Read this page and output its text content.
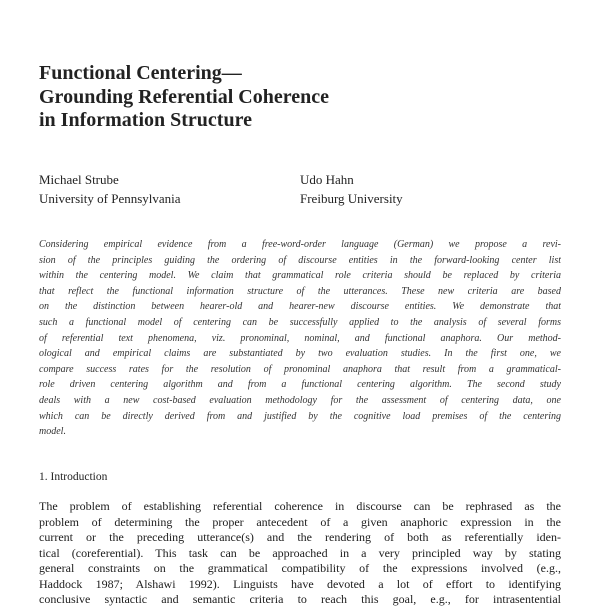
Functional Centering—
Grounding Referential Coherence
in Information Structure
Michael Strube
University of Pennsylvania
Udo Hahn
Freiburg University
Considering empirical evidence from a free-word-order language (German) we propose a revi-
sion of the principles guiding the ordering of discourse entities in the forward-looking center list
within the centering model. We claim that grammatical role criteria should be replaced by criteria
that reflect the functional information structure of the utterances. These new criteria are based
on the distinction between hearer-old and hearer-new discourse entities. We demonstrate that
such a functional model of centering can be successfully applied to the analysis of several forms
of referential text phenomena, viz. pronominal, nominal, and functional anaphora. Our method-
ological and empirical claims are substantiated by two evaluation studies. In the first one, we
compare success rates for the resolution of pronominal anaphora that result from a grammatical-
role driven centering algorithm and from a functional centering algorithm. The second study
deals with a new cost-based evaluation methodology for the assessment of centering data, one
which can be directly derived from and justified by the cognitive load premises of the centering
model.
1. Introduction
The problem of establishing referential coherence in discourse can be rephrased as the
problem of determining the proper antecedent of a given anaphoric expression in the
current or the preceding utterance(s) and the rendering of both as referentially iden-
tical (coreferential). This task can be approached in a very principled way by stating
general constraints on the grammatical compatibility of the expressions involved (e.g.,
Haddock 1987; Alshawi 1992). Linguists have devoted a lot of effort to identifying
conclusive syntactic and semantic criteria to reach this goal, e.g., for intrasentential
